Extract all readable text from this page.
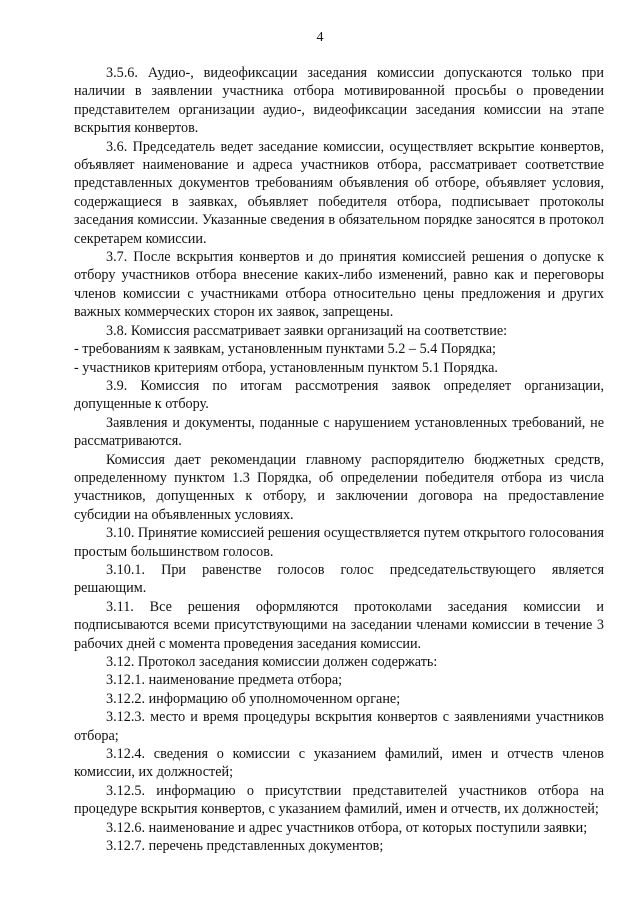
4

3.5.6. Аудио-, видеофиксации заседания комиссии допускаются только при наличии в заявлении участника отбора мотивированной просьбы о проведении представителем организации аудио-, видеофиксации заседания комиссии на этапе вскрытия конвертов.

3.6. Председатель ведет заседание комиссии, осуществляет вскрытие конвертов, объявляет наименование и адреса участников отбора, рассматривает соответствие представленных документов требованиям объявления об отборе, объявляет условия, содержащиеся в заявках, объявляет победителя отбора, подписывает протоколы заседания комиссии. Указанные сведения в обязательном порядке заносятся в протокол секретарем комиссии.

3.7. После вскрытия конвертов и до принятия комиссией решения о допуске к отбору участников отбора внесение каких-либо изменений, равно как и переговоры членов комиссии с участниками отбора относительно цены предложения и других важных коммерческих сторон их заявок, запрещены.

3.8. Комиссия рассматривает заявки организаций на соответствие:

- требованиям к заявкам, установленным пунктами 5.2 – 5.4 Порядка;

- участников критериям отбора, установленным пунктом 5.1 Порядка.

3.9. Комиссия по итогам рассмотрения заявок определяет организации, допущенные к отбору.

Заявления и документы, поданные с нарушением установленных требований, не рассматриваются.

Комиссия дает рекомендации главному распорядителю бюджетных средств, определенному пунктом 1.3 Порядка, об определении победителя отбора из числа участников, допущенных к отбору, и заключении договора на предоставление субсидии на объявленных условиях.

3.10. Принятие комиссией решения осуществляется путем открытого голосования простым большинством голосов.

3.10.1. При равенстве голосов голос председательствующего является решающим.

3.11. Все решения оформляются протоколами заседания комиссии и подписываются всеми присутствующими на заседании членами комиссии в течение 3 рабочих дней с момента проведения заседания комиссии.

3.12. Протокол заседания комиссии должен содержать:

3.12.1. наименование предмета отбора;

3.12.2. информацию об уполномоченном органе;

3.12.3. место и время процедуры вскрытия конвертов с заявлениями участников отбора;

3.12.4. сведения о комиссии с указанием фамилий, имен и отчеств членов комиссии, их должностей;

3.12.5. информацию о присутствии представителей участников отбора на процедуре вскрытия конвертов, с указанием фамилий, имен и отчеств, их должностей;

3.12.6. наименование и адрес участников отбора, от которых поступили заявки;

3.12.7. перечень представленных документов;
